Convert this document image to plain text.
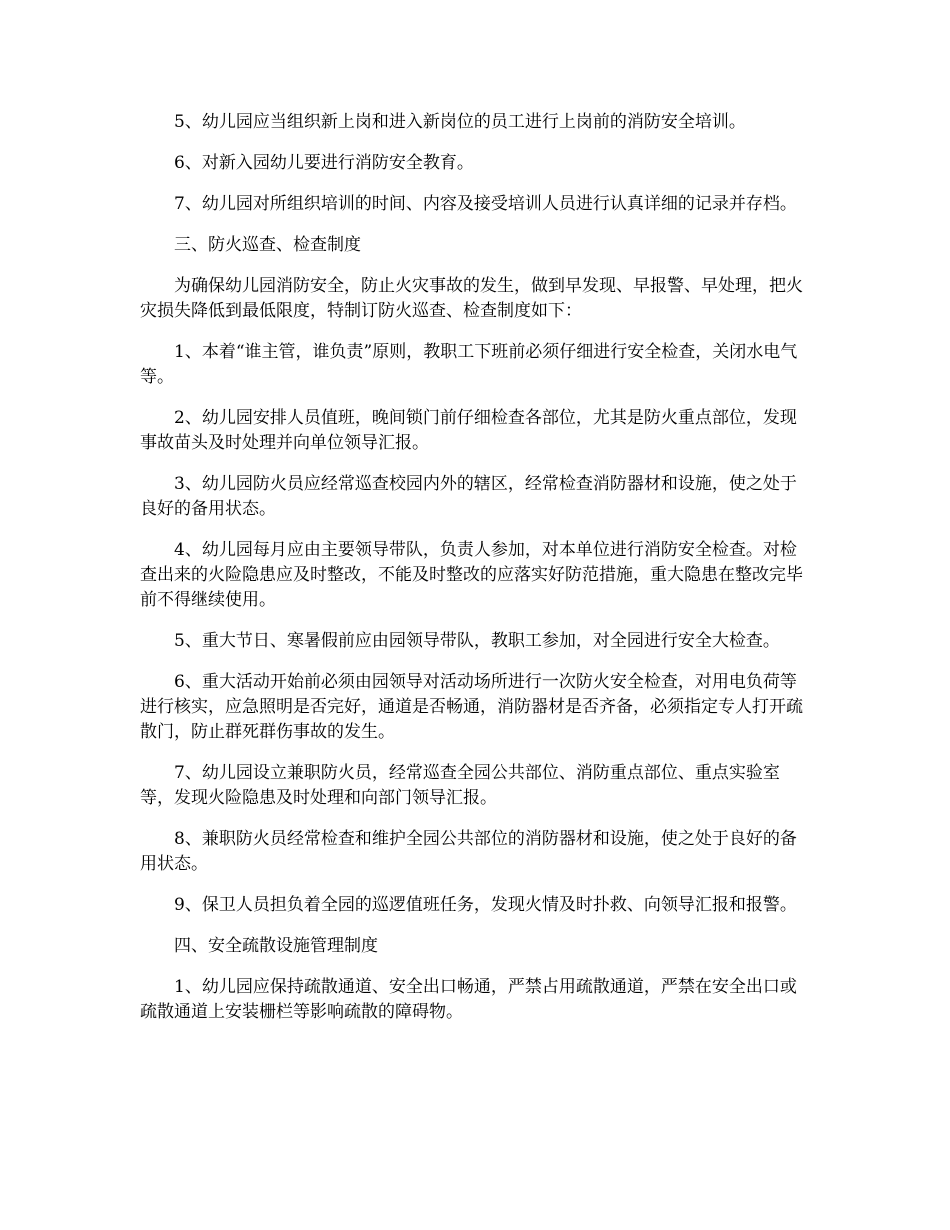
5、幼儿园应当组织新上岗和进入新岗位的员工进行上岗前的消防安全培训。

6、对新入园幼儿要进行消防安全教育。

7、幼儿园对所组织培训的时间、内容及接受培训人员进行认真详细的记录并存档。

三、防火巡查、检查制度

为确保幼儿园消防安全，防止火灾事故的发生，做到早发现、早报警、早处理，把火灾损失降低到最低限度，特制订防火巡查、检查制度如下：

1、本着“谁主管，谁负责”原则，教职工下班前必须仔细进行安全检查，关闭水电气等。

2、幼儿园安排人员值班，晚间锁门前仔细检查各部位，尤其是防火重点部位，发现事故苗头及时处理并向单位领导汇报。

3、幼儿园防火员应经常巡查校园内外的辖区，经常检查消防器材和设施，使之处于良好的备用状态。

4、幼儿园每月应由主要领导带队，负责人参加，对本单位进行消防安全检查。对检查出来的火险隐患应及时整改，不能及时整改的应落实好防范措施，重大隐患在整改完毕前不得继续使用。

5、重大节日、寒暑假前应由园领导带队，教职工参加，对全园进行安全大检查。

6、重大活动开始前必须由园领导对活动场所进行一次防火安全检查，对用电负荷等进行核实，应急照明是否完好，通道是否畅通，消防器材是否齐备，必须指定专人打开疏散门，防止群死群伤事故的发生。

7、幼儿园设立兼职防火员，经常巡查全园公共部位、消防重点部位、重点实验室等，发现火险隐患及时处理和向部门领导汇报。

8、兼职防火员经常检查和维护全园公共部位的消防器材和设施，使之处于良好的备用状态。

9、保卫人员担负着全园的巡逻值班任务，发现火情及时扑救、向领导汇报和报警。

四、安全疏散设施管理制度

1、幼儿园应保持疏散通道、安全出口畅通，严禁占用疏散通道，严禁在安全出口或疏散通道上安装栅栏等影响疏散的障碍物。
